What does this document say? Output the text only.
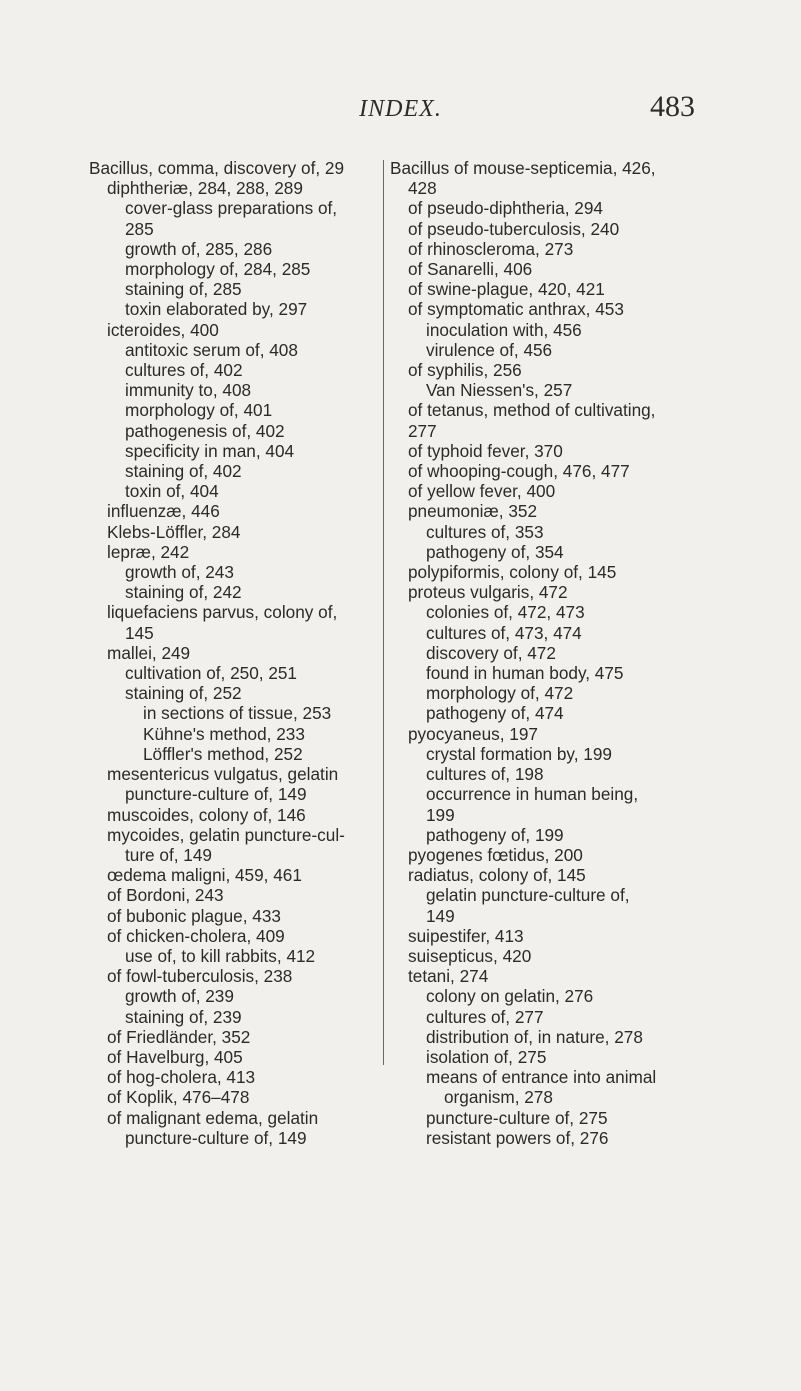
INDEX.	483
Bacillus, comma, discovery of, 29
diphtheriæ, 284, 288, 289
cover-glass preparations of,
285
growth of, 285, 286
morphology of, 284, 285
staining of, 285
toxin elaborated by, 297
icteroides, 400
antitoxic serum of, 408
cultures of, 402
immunity to, 408
morphology of, 401
pathogenesis of, 402
specificity in man, 404
staining of, 402
toxin of, 404
influenzæ, 446
Klebs-Löffler, 284
lepræ, 242
growth of, 243
staining of, 242
liquefaciens parvus, colony of,
145
mallei, 249
cultivation of, 250, 251
staining of, 252
in sections of tissue, 253
Kühne's method, 233
Löffler's method, 252
mesentericus vulgatus, gelatin
puncture-culture of, 149
muscoides, colony of, 146
mycoides, gelatin puncture-cul-
ture of, 149
œdema maligni, 459, 461
of Bordoni, 243
of bubonic plague, 433
of chicken-cholera, 409
use of, to kill rabbits, 412
of fowl-tuberculosis, 238
growth of, 239
staining of, 239
of Friedländer, 352
of Havelburg, 405
of hog-cholera, 413
of Koplik, 476–478
of malignant edema, gelatin
puncture-culture of, 149
Bacillus of mouse-septicemia, 426,
428
of pseudo-diphtheria, 294
of pseudo-tuberculosis, 240
of rhinoscleroma, 273
of Sanarelli, 406
of swine-plague, 420, 421
of symptomatic anthrax, 453
inoculation with, 456
virulence of, 456
of syphilis, 256
Van Niessen's, 257
of tetanus, method of cultivating,
277
of typhoid fever, 370
of whooping-cough, 476, 477
of yellow fever, 400
pneumoniæ, 352
cultures of, 353
pathogeny of, 354
polypiformis, colony of, 145
proteus vulgaris, 472
colonies of, 472, 473
cultures of, 473, 474
discovery of, 472
found in human body, 475
morphology of, 472
pathogeny of, 474
pyocyaneus, 197
crystal formation by, 199
cultures of, 198
occurrence in human being,
199
pathogeny of, 199
pyogenes fœtidus, 200
radiatus, colony of, 145
gelatin puncture-culture of,
149
suipestifer, 413
suisepticus, 420
tetani, 274
colony on gelatin, 276
cultures of, 277
distribution of, in nature, 278
isolation of, 275
means of entrance into animal
organism, 278
puncture-culture of, 275
resistant powers of, 276
